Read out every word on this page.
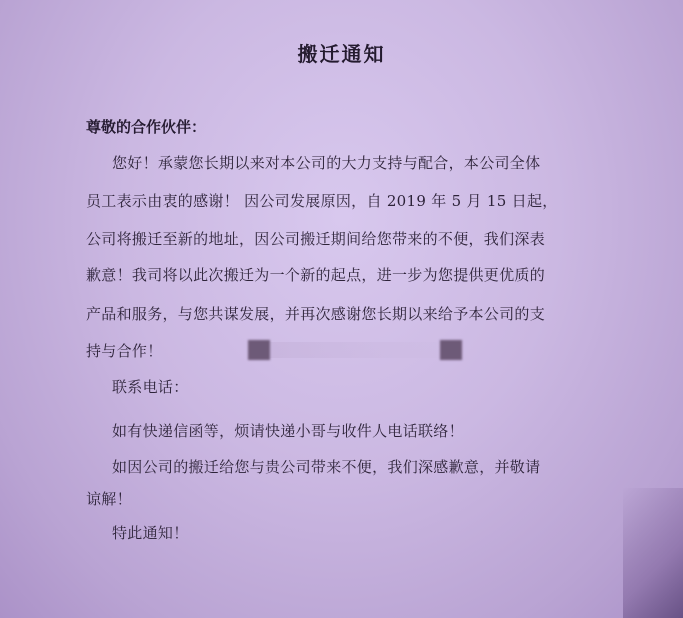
搬迁通知
尊敬的合作伙伴：
您好！承蒙您长期以来对本公司的大力支持与配合，本公司全体
员工表示由衷的感谢！ 因公司发展原因，自 2019 年 5 月 15 日起，
公司将搬迁至新的地址，因公司搬迁期间给您带来的不便，我们深表
歉意！我司将以此次搬迁为一个新的起点，进一步为您提供更优质的
产品和服务，与您共谋发展，并再次感谢您长期以来给予本公司的支
持与合作！
联系电话：
如有快递信函等，烦请快递小哥与收件人电话联络！
如因公司的搬迁给您与贵公司带来不便，我们深感歉意，并敬请
谅解！
特此通知！
